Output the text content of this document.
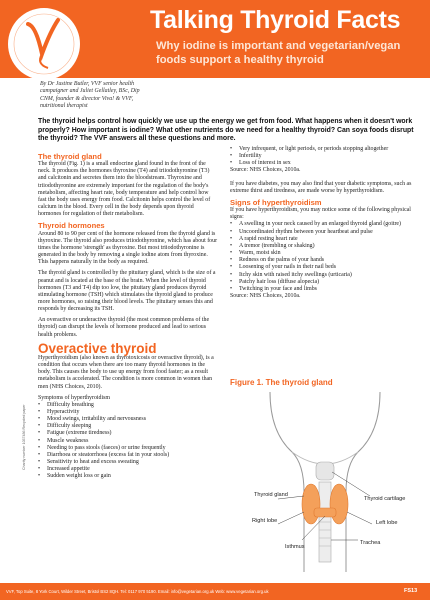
Talking Thyroid Facts
Why iodine is important and vegetarian/vegan foods support a healthy thyroid
By Dr Justine Butler, VVF senior health campaigner and Juliet Gellatley, BSc, Dip CNM, founder & director Viva! & VVF, nutritional therapist
The thyroid helps control how quickly we use up the energy we get from food. What happens when it doesn't work properly? How important is iodine? What other nutrients do we need for a healthy thyroid? Can soya foods disrupt the thyroid? The VVF answers all these questions and more.
The thyroid gland

The thyroid (Fig. 1) is a small endocrine gland found in the front of the neck. It produces the hormones thyroxine (T4) and triiodothyronine (T3) and calcitonin and secretes them into the bloodstream. Thyroxine and triiodothyronine are extremely important for the regulation of the body's metabolism, affecting heart rate, body temperature and help control how fast the body uses energy from food. Calcitonin helps control the level of calcium in the blood. Every cell in the body depends upon thyroid hormones for regulation of their metabolism.

Thyroid hormones

Around 80 to 90 per cent of the hormone released from the thyroid gland is thyroxine. The thyroid also produces triiodothyronine, which has about four times the hormone 'strength' as thyroxine. But most triiodothyronine is generated in the body by removing a single iodine atom from thyroxine. This happens naturally in the body as required.

The thyroid gland is controlled by the pituitary gland, which is the size of a peanut and is located at the base of the brain. When the level of thyroid hormones (T3 and T4) dip too low, the pituitary gland produces thyroid stimulating hormone (TSH) which stimulates the thyroid gland to produce more hormones, so raising their blood levels. The pituitary senses this and responds by decreasing its TSH.

An overactive or underactive thyroid (the most common problems of the thyroid) can disrupt the levels of hormone produced and lead to serious health problems.

Overactive thyroid

Hyperthyroidism (also known as thyrotoxicosis or overactive thyroid), is a condition that occurs when there are too many thyroid hormones in the body. This causes the body to use up energy from food faster; as a result metabolism is accelerated. The condition is more common in women than men (NHS Choices, 2010).

Symptoms of hyperthyroidism
• Difficulty breathing
• Hyperactivity
• Mood swings, irritability and nervousness
• Difficulty sleeping
• Fatigue (extreme tiredness)
• Muscle weakness
• Needing to pass stools (faeces) or urine frequently
• Diarrhoea or steatorrhoea (excess fat in your stools)
• Sensitivity to heat and excess sweating
• Increased appetite
• Sudden weight loss or gain
• Very infrequent, or light periods, or periods stopping altogether
• Infertility
• Loss of interest in sex

Source: NHS Choices, 2010a.

If you have diabetes, you may also find that your diabetic symptoms, such as extreme thirst and tiredness, are made worse by hyperthyroidism.

Signs of hyperthyroidism
If you have hyperthyroidism, you may notice some of the following physical signs:
• A swelling in your neck caused by an enlarged thyroid gland (goitre)
• Uncoordinated rhythm between your heartbeat and pulse
• A rapid resting heart rate
• A tremor (trembling or shaking)
• Warm, moist skin
• Redness on the palms of your hands
• Loosening of your nails in their nail beds
• Itchy skin with raised itchy swellings (urticaria)
• Patchy hair loss (diffuse alopecia)
• Twitching in your face and limbs

Source: NHS Choices, 2010a.

Figure 1. The thyroid gland
Thyroid gland
Thyroid cartilage
Right lobe	Left lobe
Isthmus
Trachea
Charity number 1037486 Recycled paper
VVF, Top Suite, 8 York Court, Wilder Street, Bristol BS2 8QH. Tel: 0117 970 5190. Email: info@vegetarian.org.uk Web: www.vegetarian.org.uk	FS13
